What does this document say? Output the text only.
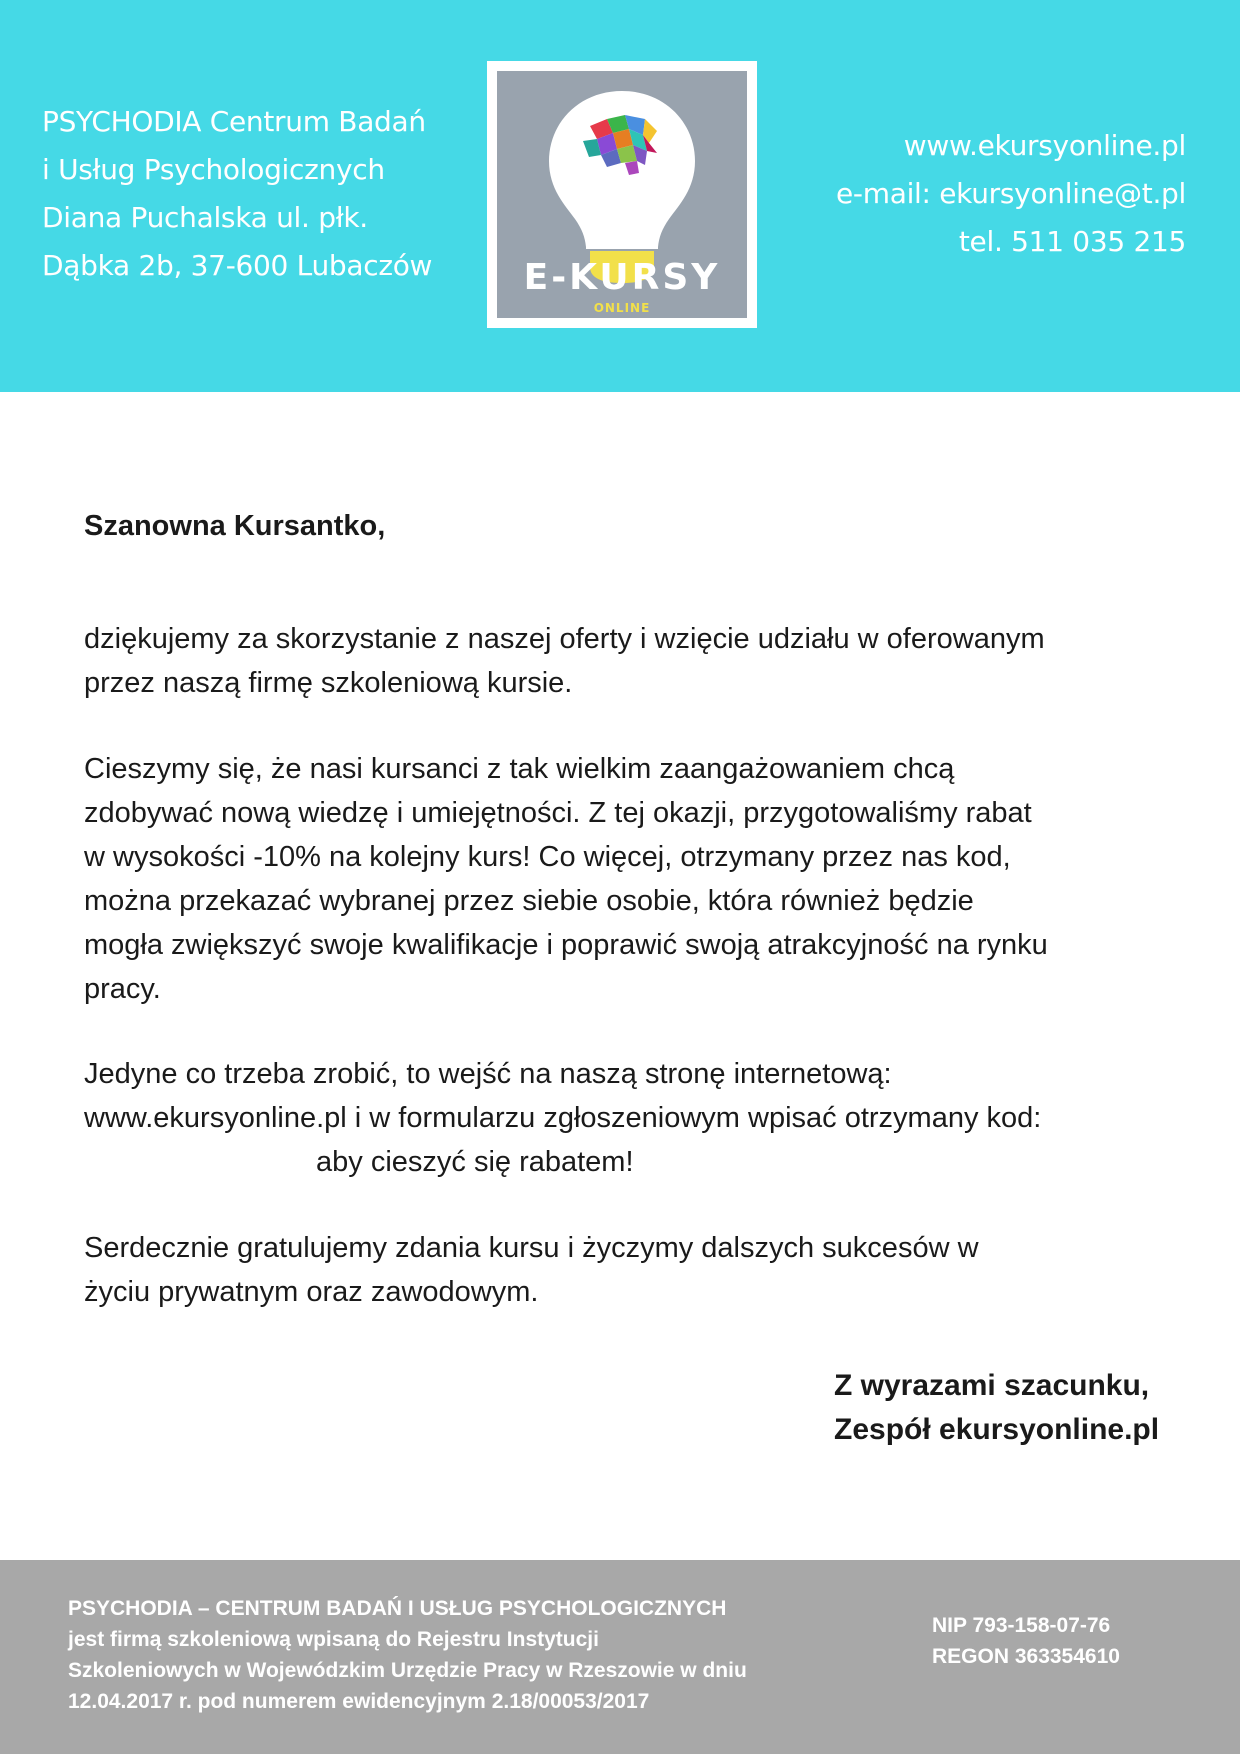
PSYCHODIA Centrum Badań
i Usług Psychologicznych
Diana Puchalska ul. płk.
Dąbka 2b, 37-600 Lubaczów	E-KURSY
ONLINE
www.ekursyonline.pl
e-mail: ekursyonline@t.pl
tel. 511 035 215
Szanowna Kursantko,
dziękujemy za skorzystanie z naszej oferty i wzięcie udziału w oferowanym
przez naszą firmę szkoleniową kursie.
Cieszymy się, że nasi kursanci z tak wielkim zaangażowaniem chcą
zdobywać nową wiedzę i umiejętności. Z tej okazji, przygotowaliśmy rabat
w wysokości -10% na kolejny kurs! Co więcej, otrzymany przez nas kod,
można przekazać wybranej przez siebie osobie, która również będzie
mogła zwiększyć swoje kwalifikacje i poprawić swoją atrakcyjność na rynku
pracy.
Jedyne co trzeba zrobić, to wejść na naszą stronę internetową:
www.ekursyonline.pl i w formularzu zgłoszeniowym wpisać otrzymany kod:
aby cieszyć się rabatem!
Serdecznie gratulujemy zdania kursu i życzymy dalszych sukcesów w
życiu prywatnym oraz zawodowym.
Z wyrazami szacunku,
Zespół ekursyonline.pl
PSYCHODIA – CENTRUM BADAŃ I USŁUG PSYCHOLOGICZNYCH
jest firmą szkoleniową wpisaną do Rejestru Instytucji
Szkoleniowych w Wojewódzkim Urzędzie Pracy w Rzeszowie w dniu
12.04.2017 r. pod numerem ewidencyjnym 2.18/00053/2017
NIP 793-158-07-76
REGON 363354610
